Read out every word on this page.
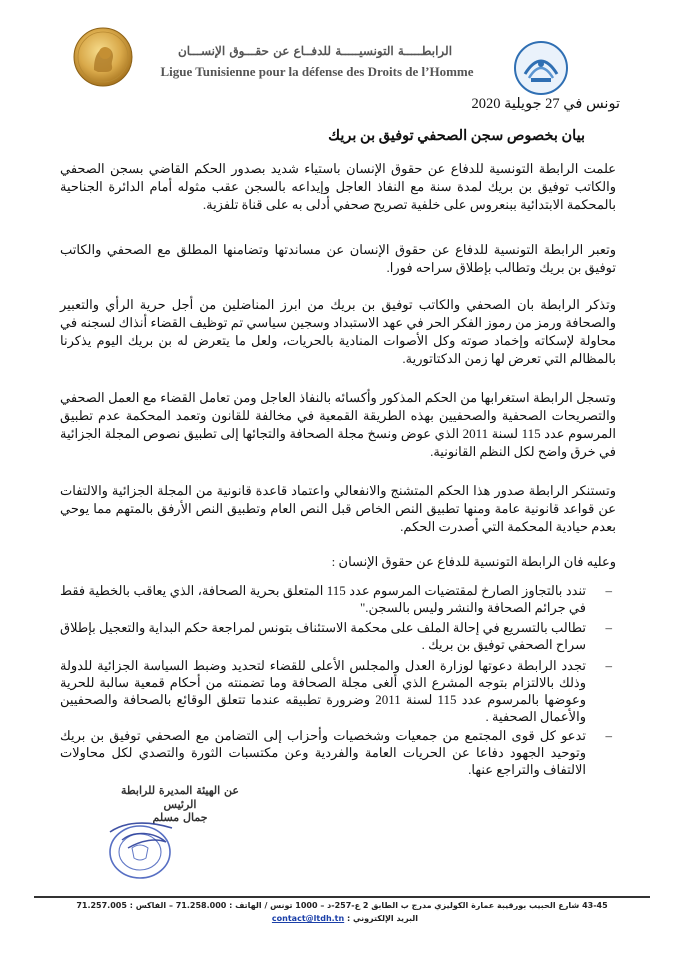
الرابطـــــة التونسيـــــة للدفــاع عن حقـــوق الإنســـان
Ligue Tunisienne pour la défense des Droits de l’Homme
تونس في 27 جويلية 2020
بيان بخصوص سجن الصحفي توفيق بن بريك

علمت الرابطة التونسية للدفاع عن حقوق الإنسان باستياء شديد بصدور الحكم القاضي بسجن الصحفي والكاتب توفيق بن بريك لمدة سنة مع النفاذ العاجل وإيداعه بالسجن عقب مثوله أمام الدائرة الجناحية بالمحكمة الابتدائية ببنعروس على خلفية تصريح صحفي أدلى به على قناة تلفزية.

وتعبر الرابطة التونسية للدفاع عن حقوق الإنسان عن مساندتها وتضامنها المطلق مع الصحفي والكاتب توفيق بن بريك وتطالب بإطلاق سراحه فورا.

وتذكر الرابطة بان الصحفي والكاتب توفيق بن بريك من ابرز المناضلين من أجل حرية الرأي والتعبير والصحافة ورمز من رموز الفكر الحر في عهد الاستبداد وسجين سياسي تم توظيف القضاء أنذاك لسجنه في محاولة لإسكاته وإخماد صوته وكل الأصوات المنادية بالحريات، ولعل ما يتعرض له بن بريك اليوم يذكرنا بالمظالم التي تعرض لها زمن الدكتاتورية.

وتسجل الرابطة استغرابها من الحكم المذكور وأكسائه بالنفاذ العاجل ومن تعامل القضاء مع العمل الصحفي والتصريحات الصحفية والصحفيين بهذه الطريقة القمعية في مخالفة للقانون وتعمد المحكمة عدم تطبيق المرسوم عدد 115 لسنة 2011 الذي عوض ونسخ مجلة الصحافة والتجائها إلى تطبيق نصوص المجلة الجزائية في خرق واضح لكل النظم القانونية.

وتستنكر الرابطة صدور هذا الحكم المتشنج والانفعالي واعتماد قاعدة قانونية من المجلة الجزائية والالتفات عن قواعد قانونية عامة ومنها تطبيق النص الخاص قبل النص العام وتطبيق النص الأرفق بالمتهم مما يوحي بعدم حيادية المحكمة التي أصدرت الحكم.

وعليه فان الرابطة التونسية للدفاع عن حقوق الإنسان :

–
تندد بالتجاوز الصارخ لمقتضيات المرسوم عدد 115 المتعلق بحرية الصحافة، الذي يعاقب بالخطية فقط في جرائم الصحافة والنشر وليس بالسجن."
–
تطالب بالتسريع في إحالة الملف على محكمة الاستئناف بتونس لمراجعة حكم البداية والتعجيل بإطلاق سراح الصحفي توفيق بن بريك .
–
تجدد الرابطة دعوتها لوزارة العدل والمجلس الأعلى للقضاء لتحديد وضبط السياسة الجزائية للدولة وذلك بالالتزام بتوجه المشرع الذي ألغى مجلة الصحافة وما تضمنته من أحكام قمعية سالبة للحرية وعوضها بالمرسوم عدد 115 لسنة 2011 وضرورة تطبيقه عندما تتعلق الوقائع بالصحافة والصحفيين والأعمال الصحفية .
–
تدعو كل قوى المجتمع من جمعيات وشخصيات وأحزاب إلى التضامن مع الصحفي توفيق بن بريك وتوحيد الجهود دفاعا عن الحريات العامة والفردية وعن مكتسبات الثورة والتصدي لكل محاولات الالتفاف والتراجع عنها.
عن الهيئة المديرة للرابطة
الرئيس
جمال مسلم
43-45 شارع الحبيب بورقيبة عمارة الكوليزي مدرج ب الطابق 2 ع-257-د – 1000 تونس / الهاتف : 71.258.000 – الفاكس : 71.257.005
البريد الإلكتروني : contact@ltdh.tn
